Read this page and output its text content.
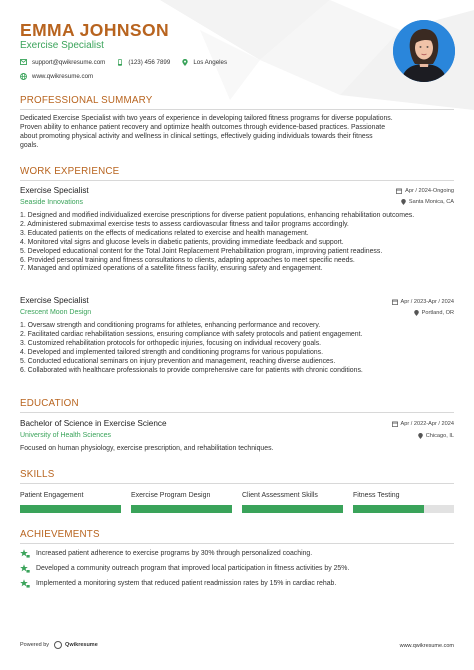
EMMA JOHNSON
Exercise Specialist
support@qwikresume.com	(123) 456 7899	Los Angeles
www.qwikresume.com
PROFESSIONAL SUMMARY
Dedicated Exercise Specialist with two years of experience in developing tailored fitness programs for diverse populations.
Proven ability to enhance patient recovery and optimize health outcomes through evidence-based practices. Passionate
about promoting physical activity and wellness in clinical settings, effectively guiding individuals towards their fitness
goals.
WORK EXPERIENCE
Exercise Specialist	Apr / 2024-Ongoing
Seaside Innovations	Santa Monica, CA
1. Designed and modified individualized exercise prescriptions for diverse patient populations, enhancing rehabilitation outcomes.
2. Administered submaximal exercise tests to assess cardiovascular fitness and tailor programs accordingly.
3. Educated patients on the effects of medications related to exercise and health management.
4. Monitored vital signs and glucose levels in diabetic patients, providing immediate feedback and support.
5. Developed educational content for the Total Joint Replacement Prehabilitation program, improving patient readiness.
6. Provided personal training and fitness consultations to clients, adapting approaches to meet specific needs.
7. Managed and optimized operations of a satellite fitness facility, ensuring safety and engagement.
Exercise Specialist	Apr / 2023-Apr / 2024
Crescent Moon Design	Portland, OR
1. Oversaw strength and conditioning programs for athletes, enhancing performance and recovery.
2. Facilitated cardiac rehabilitation sessions, ensuring compliance with safety protocols and patient engagement.
3. Customized rehabilitation protocols for orthopedic injuries, focusing on individual recovery goals.
4. Developed and implemented tailored strength and conditioning programs for various populations.
5. Conducted educational seminars on injury prevention and management, reaching diverse audiences.
6. Collaborated with healthcare professionals to provide comprehensive care for patients with chronic conditions.
EDUCATION
Bachelor of Science in Exercise Science	Apr / 2022-Apr / 2024
University of Health Sciences	Chicago, IL
Focused on human physiology, exercise prescription, and rehabilitation techniques.
SKILLS
Patient Engagement	Exercise Program Design	Client Assessment Skills	Fitness Testing
ACHIEVEMENTS
Increased patient adherence to exercise programs by 30% through personalized coaching.
Developed a community outreach program that improved local participation in fitness activities by 25%.
Implemented a monitoring system that reduced patient readmission rates by 15% in cardiac rehab.
Powered by	Qwikresume	www.qwikresume.com
